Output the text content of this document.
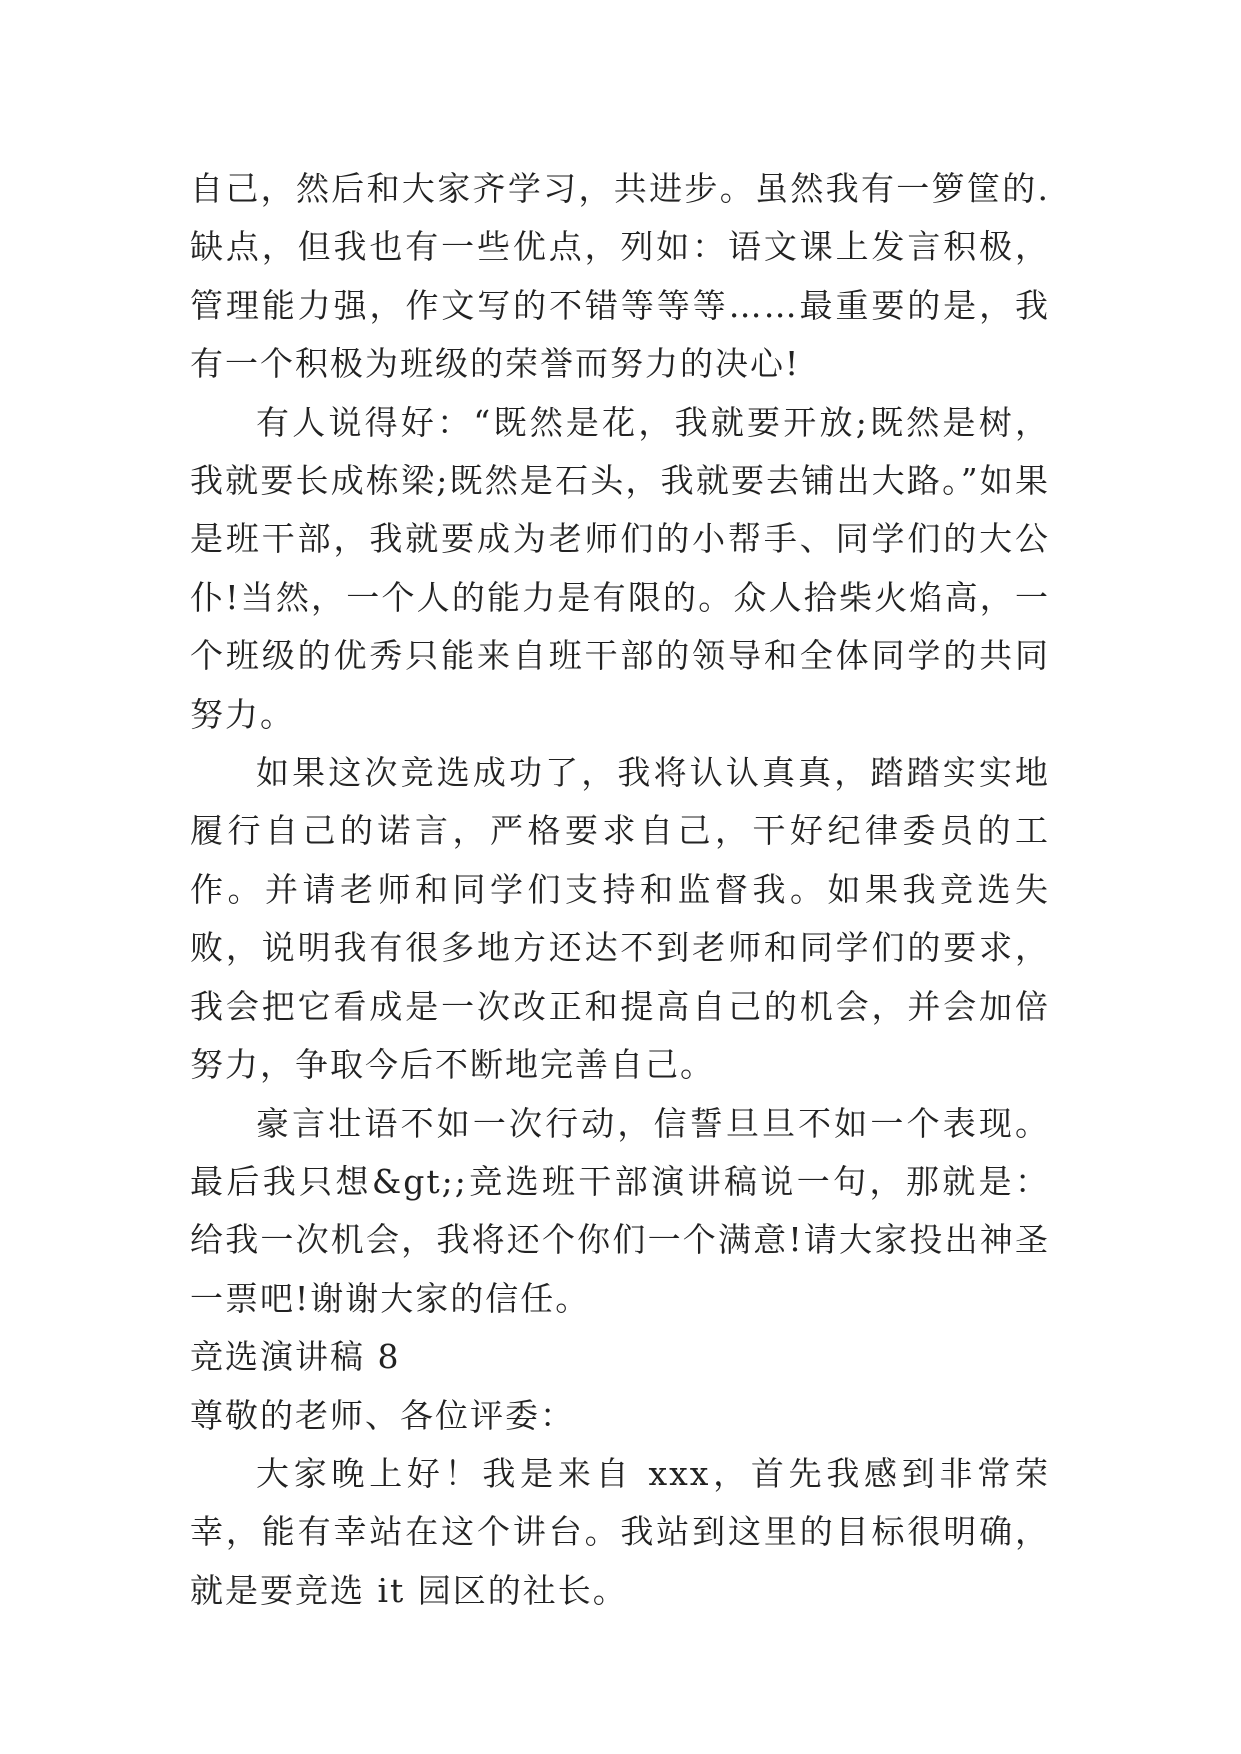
自己，然后和大家齐学习，共进步。虽然我有一箩筐的.缺点，但我也有一些优点，列如：语文课上发言积极，管理能力强，作文写的不错等等等……最重要的是，我有一个积极为班级的荣誉而努力的决心!

有人说得好：“既然是花，我就要开放;既然是树，我就要长成栋梁;既然是石头，我就要去铺出大路。”如果是班干部，我就要成为老师们的小帮手、同学们的大公仆!当然，一个人的能力是有限的。众人拾柴火焰高，一个班级的优秀只能来自班干部的领导和全体同学的共同努力。

如果这次竞选成功了，我将认认真真，踏踏实实地履行自己的诺言，严格要求自己，干好纪律委员的工作。并请老师和同学们支持和监督我。如果我竞选失败，说明我有很多地方还达不到老师和同学们的要求，我会把它看成是一次改正和提高自己的机会，并会加倍努力，争取今后不断地完善自己。

豪言壮语不如一次行动，信誓旦旦不如一个表现。最后我只想&gt;;竞选班干部演讲稿说一句，那就是：给我一次机会，我将还个你们一个满意!请大家投出神圣一票吧!谢谢大家的信任。

竞选演讲稿 8

尊敬的老师、各位评委：

大家晚上好！我是来自 xxx，首先我感到非常荣幸，能有幸站在这个讲台。我站到这里的目标很明确，就是要竞选 it 园区的社长。
